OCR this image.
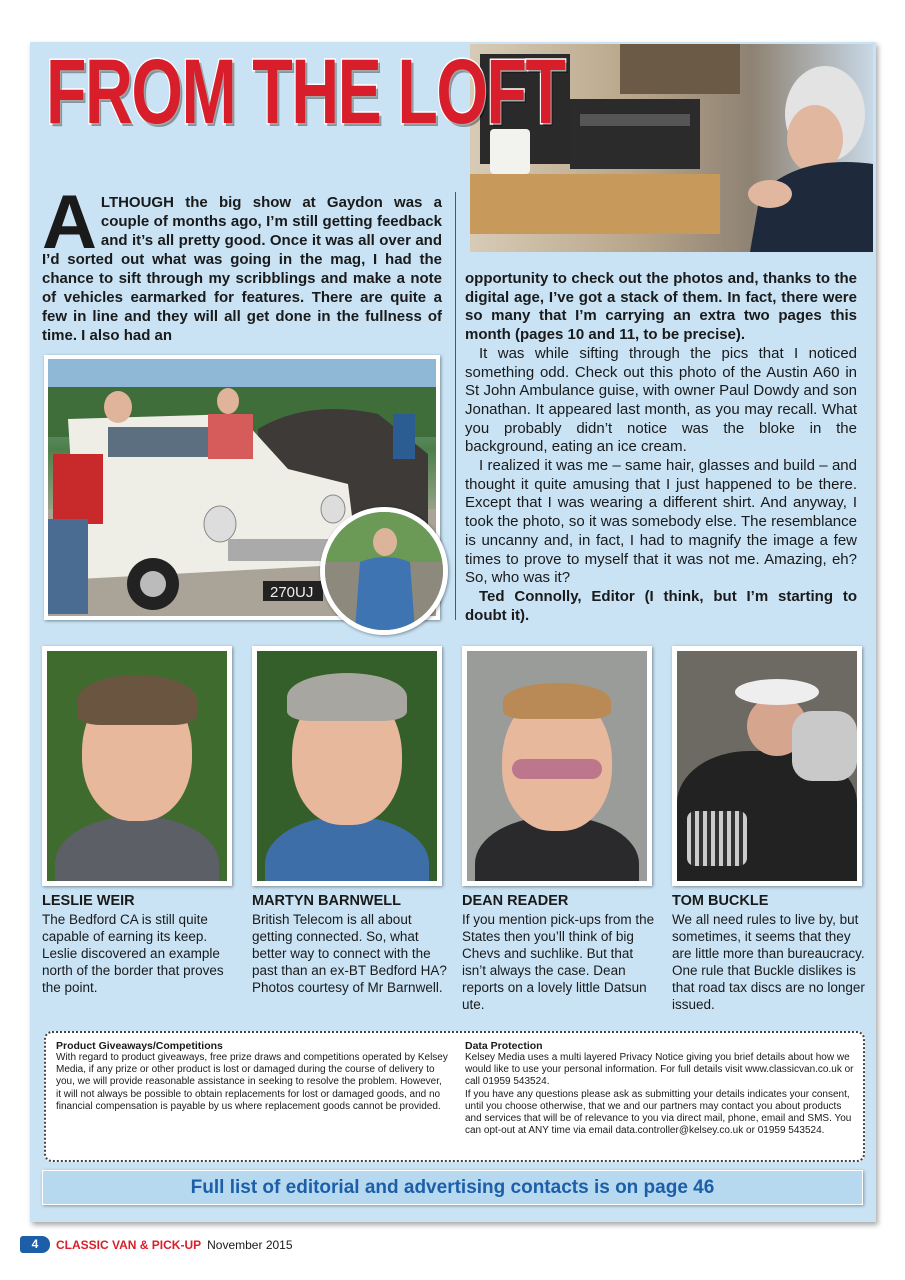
FROM THE LOFT
ALTHOUGH the big show at Gaydon was a couple of months ago, I’m still getting feedback and it’s all pretty good. Once it was all over and I’d sorted out what was going in the mag, I had the chance to sift through my scribblings and make a note of vehicles earmarked for features. There are quite a few in line and they will all get done in the fullness of time. I also had an

opportunity to check out the photos and, thanks to the digital age, I’ve got a stack of them. In fact, there were so many that I’m carrying an extra two pages this month (pages 10 and 11, to be precise).

It was while sifting through the pics that I noticed something odd. Check out this photo of the Austin A60 in St John Ambulance guise, with owner Paul Dowdy and son Jonathan. It appeared last month, as you may recall. What you probably didn’t notice was the bloke in the background, eating an ice cream.

I realized it was me – same hair, glasses and build – and thought it quite amusing that I just happened to be there. Except that I was wearing a different shirt. And anyway, I took the photo, so it was somebody else. The resemblance is uncanny and, in fact, I had to magnify the image a few times to prove to myself that it was not me. Amazing, eh? So, who was it?

Ted Connolly, Editor (I think, but I’m starting to doubt it).

270UJ
LESLIE WEIR

The Bedford CA is still quite capable of earning its keep. Leslie discovered an example north of the border that proves the point.

MARTYN BARNWELL

British Telecom is all about getting connected. So, what better way to connect with the past than an ex-BT Bedford HA? Photos courtesy of Mr Barnwell.

DEAN READER

If you mention pick-ups from the States then you’ll think of big Chevs and suchlike. But that isn’t always the case. Dean reports on a lovely little Datsun ute.

TOM BUCKLE

We all need rules to live by, but sometimes, it seems that they are little more than bureaucracy. One rule that Buckle dislikes is that road tax discs are no longer issued.

Product Giveaways/Competitions

With regard to product giveaways, free prize draws and competitions operated by Kelsey Media, if any prize or other product is lost or damaged during the course of delivery to you, we will provide reasonable assistance in seeking to resolve the problem. However, it will not always be possible to obtain replacements for lost or damaged goods, and no financial compensation is payable by us where replacement goods cannot be provided.

Data Protection

Kelsey Media uses a multi layered Privacy Notice giving you brief details about how we would like to use your personal information. For full details visit www.classicvan.co.uk or call 01959 543524.

If you have any questions please ask as submitting your details indicates your consent, until you choose otherwise, that we and our partners may contact you about products and services that will be of relevance to you via direct mail, phone, email and SMS. You can opt-out at ANY time via email data.controller@kelsey.co.uk or 01959 543524.

Full list of editorial and advertising contacts is on page 46
4	CLASSIC VAN & PICK-UP November 2015
